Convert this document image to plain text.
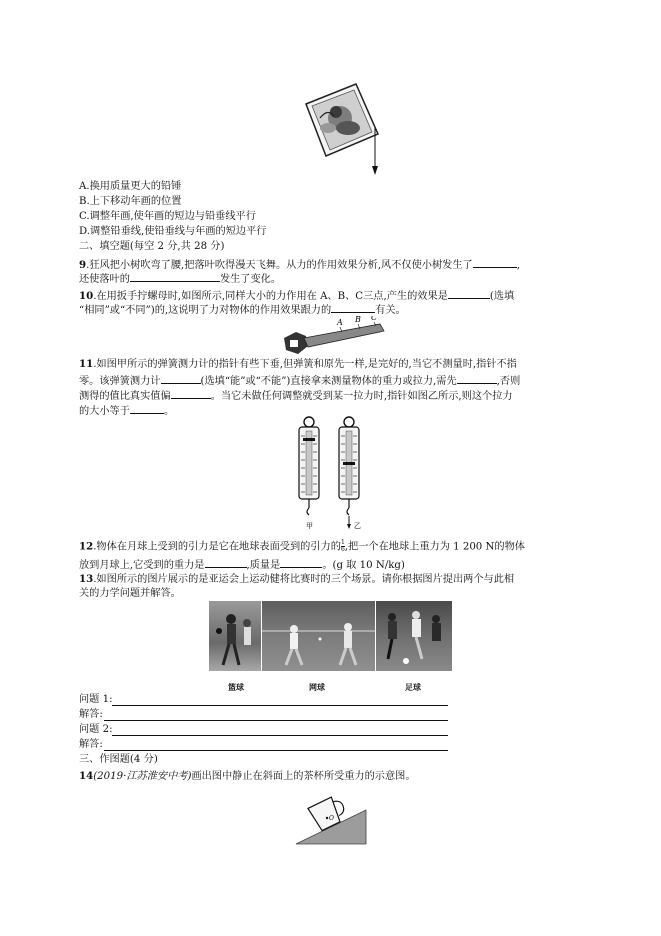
A.换用质量更大的铅锤
B.上下移动年画的位置
C.调整年画,使年画的短边与铅垂线平行
D.调整铅垂线,使铅垂线与年画的短边平行
二、填空题(每空 2 分,共 28 分)
9.狂风把小树吹弯了腰,把落叶吹得漫天飞舞。从力的作用效果分析,风不仅使小树发生了	,
还使落叶的	发生了变化。
10.在用扳手拧螺母时,如图所示,同样大小的力作用在 A、B、C三点,产生的效果是	(选填
“相同”或“不同”)的,这说明了力对物体的作用效果跟力的	有关。
A B C
11.如图甲所示的弹簧测力计的指针有些下垂,但弹簧和原先一样,是完好的,当它不测量时,指针不指
零。该弹簧测力计	(选填“能”或“不能”)直接拿来测量物体的重力或拉力,需先	,否则
测得的值比真实值偏	。当它未做任何调整就受到某一拉力时,指针如图乙所示,则这个拉力
的大小等于	。
甲	乙
12.物体在月球上受到的引力是它在地球表面受到的引力的 $\frac{1}{6}$ ,把一个在地球上重力为 1 200 N的物体
放到月球上,它受到的重力是	,质量是	。(g 取 10 N/kg)
13.如图所示的图片展示的是亚运会上运动健将比赛时的三个场景。请你根据图片提出两个与此相
关的力学问题并解答。
篮球	网球	足球
问题 1:
解答:
问题 2:
解答:
三、作图题(4 分)
14(2019·江苏淮安中考)画出图中静止在斜面上的茶杯所受重力的示意图。
O
